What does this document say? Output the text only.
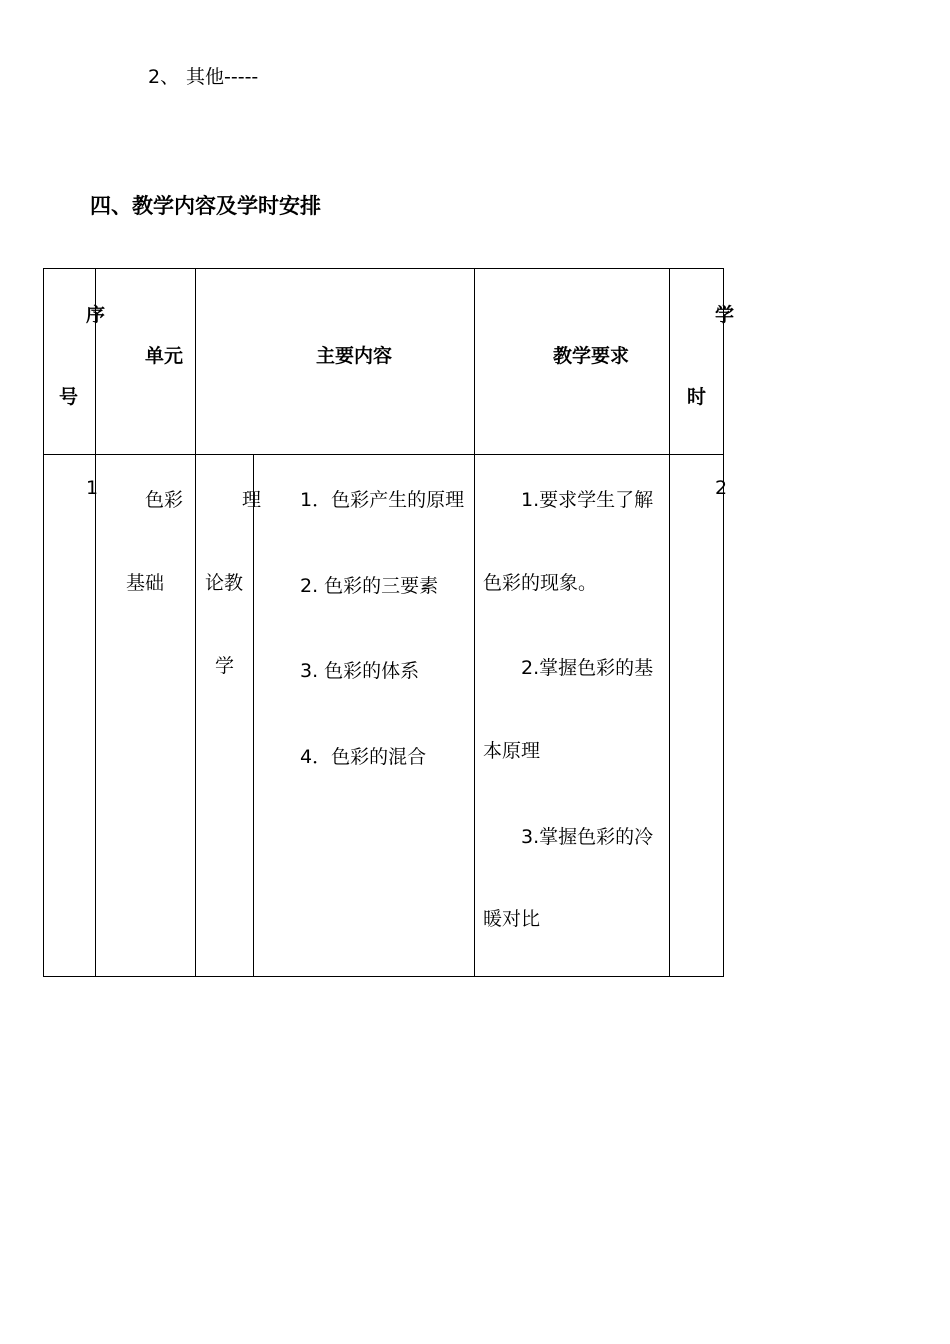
2、 其他-----
四、教学内容及学时安排
序
号
单元	主要内容	教学要求
学
时
1
色彩
基础
理
论教
学
1．色彩产生的原理
2. 色彩的三要素
3. 色彩的体系
4．色彩的混合
1.要求学生了解
色彩的现象。
2.掌握色彩的基
本原理
3.掌握色彩的冷
暖对比
2
